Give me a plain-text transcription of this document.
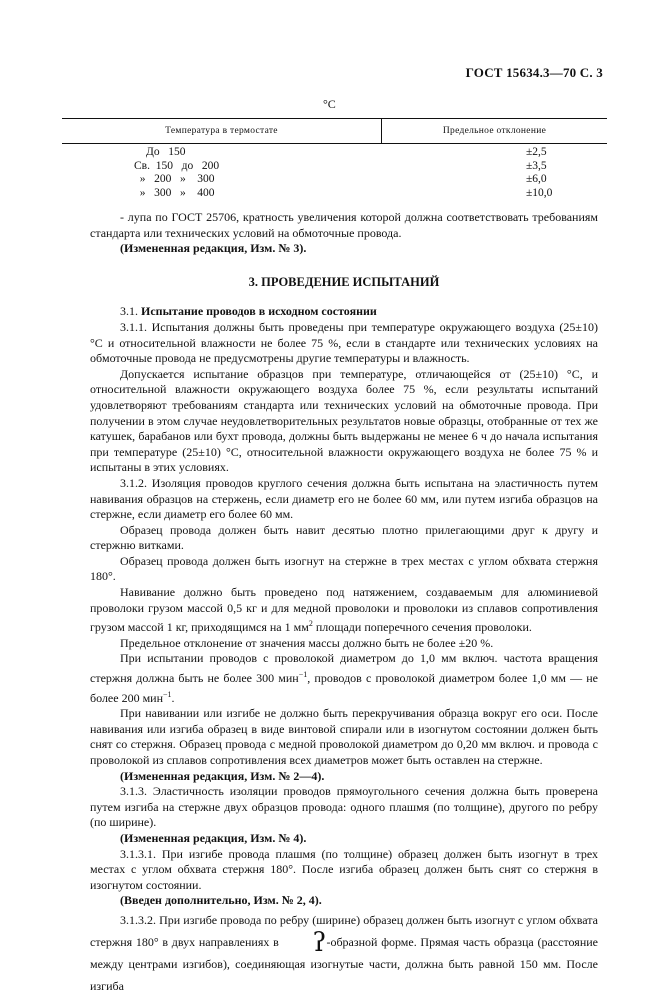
ГОСТ 15634.3—70 С. 3
°С
Температура в термостате	Предельное отклонение
До   150
Св.  150   до   200
»   200   »    300
»   300   »    400
±2,5
±3,5
±6,0
±10,0

- лупа по ГОСТ 25706, кратность увеличения которой должна соответствовать требованиям стандарта или технических условий на обмоточные провода.

(Измененная редакция, Изм. № 3).

3. ПРОВЕДЕНИЕ ИСПЫТАНИЙ

3.1. Испытание проводов в исходном состоянии

3.1.1. Испытания должны быть проведены при температуре окружающего воздуха (25±10) °С и относительной влажности не более 75 %, если в стандарте или технических условиях на обмоточные провода не предусмотрены другие температуры и влажность.

Допускается испытание образцов при температуре, отличающейся от (25±10) °С, и относительной влажности окружающего воздуха более 75 %, если результаты испытаний удовлетворяют требованиям стандарта или технических условий на обмоточные провода. При получении в этом случае неудовлетворительных результатов новые образцы, отобранные от тех же катушек, барабанов или бухт провода, должны быть выдержаны не менее 6 ч до начала испытания при температуре (25±10) °С, относительной влажности окружающего воздуха не более 75 % и испытаны в этих условиях.

3.1.2. Изоляция проводов круглого сечения должна быть испытана на эластичность путем навивания образцов на стержень, если диаметр его не более 60 мм, или путем изгиба образцов на стержне, если диаметр его более 60 мм.

Образец провода должен быть навит десятью плотно прилегающими друг к другу и стержню витками.

Образец провода должен быть изогнут на стержне в трех местах с углом обхвата стержня 180°.

Навивание должно быть проведено под натяжением, создаваемым для алюминиевой проволоки грузом массой 0,5 кг и для медной проволоки и проволоки из сплавов сопротивления грузом массой 1 кг, приходящимся на 1 $мм^2$ площади поперечного сечения проволоки.

Предельное отклонение от значения массы должно быть не более ±20 %.

При испытании проводов с проволокой диаметром до 1,0 мм включ. частота вращения стержня должна быть не более 300 мин$^{-1}$, проводов с проволокой диаметром более 1,0 мм — не более 200 мин$^{-1}$.

При навивании или изгибе не должно быть перекручивания образца вокруг его оси. После навивания или изгиба образец в виде винтовой спирали или в изогнутом состоянии должен быть снят со стержня. Образец провода с медной проволокой диаметром до 0,20 мм включ. и провода с проволокой из сплавов сопротивления всех диаметров может быть оставлен на стержне.

(Измененная редакция, Изм. № 2—4).

3.1.3. Эластичность изоляции проводов прямоугольного сечения должна быть проверена путем изгиба на стержне двух образцов провода: одного плашмя (по толщине), другого по ребру (по ширине).

(Измененная редакция, Изм. № 4).

3.1.3.1. При изгибе провода плашмя (по толщине) образец должен быть изогнут в трех местах с углом обхвата стержня 180°. После изгиба образец должен быть снят со стержня в изогнутом состоянии.

(Введен дополнительно, Изм. № 2, 4).

3.1.3.2. При изгибе провода по ребру (ширине) образец должен быть изогнут с углом обхвата стержня 180° в двух направлениях в ʔ-образной форме. Прямая часть образца (расстояние между центрами изгибов), соединяющая изогнутые части, должна быть равной 150 мм. После изгиба
